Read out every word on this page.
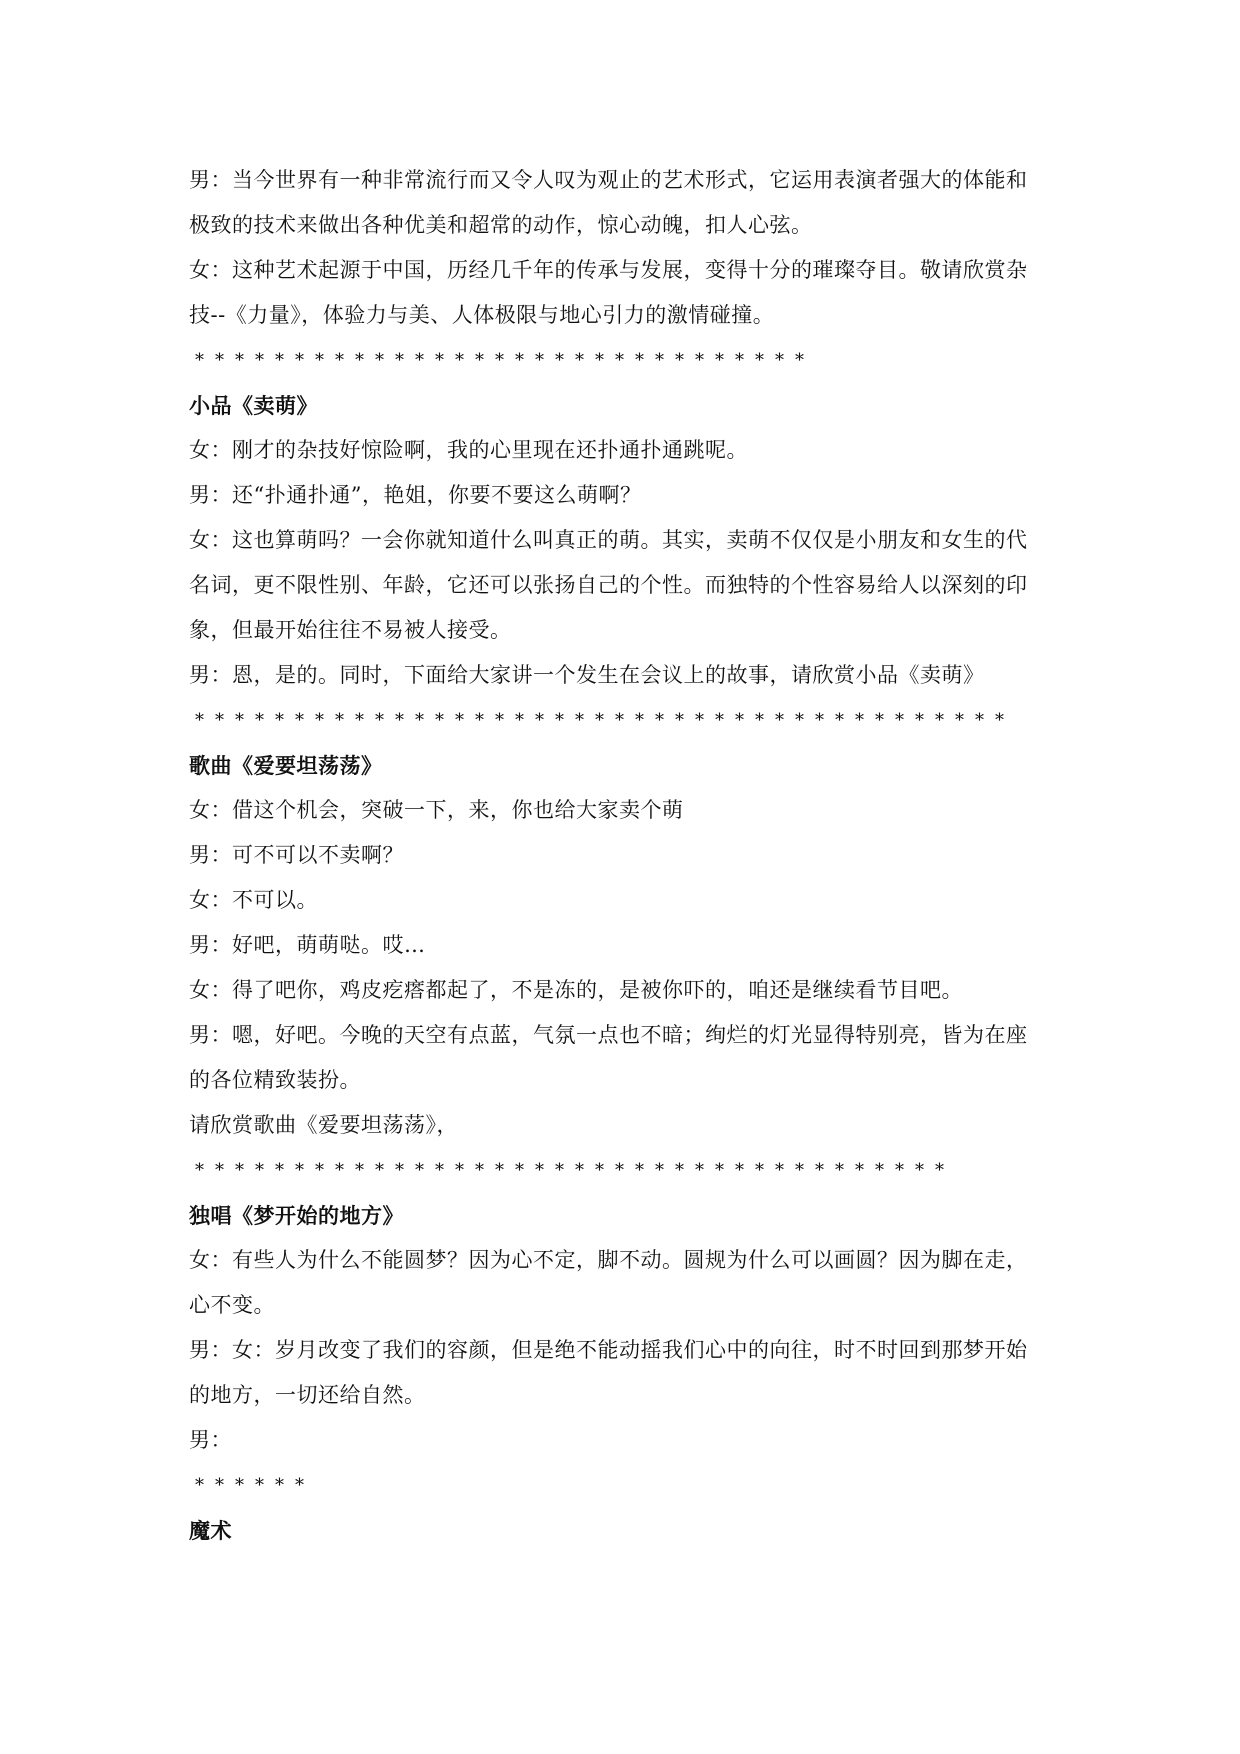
男：当今世界有一种非常流行而又令人叹为观止的艺术形式，它运用表演者强大的体能和
极致的技术来做出各种优美和超常的动作，惊心动魄，扣人心弦。
女：这种艺术起源于中国，历经几千年的传承与发展，变得十分的璀璨夺目。敬请欣赏杂
技--《力量》，体验力与美、人体极限与地心引力的激情碰撞。
*******************************
小品《卖萌》
女：刚才的杂技好惊险啊，我的心里现在还扑通扑通跳呢。
男：还“扑通扑通”，艳姐，你要不要这么萌啊？
女：这也算萌吗？一会你就知道什么叫真正的萌。其实，卖萌不仅仅是小朋友和女生的代
名词，更不限性别、年龄，它还可以张扬自己的个性。而独特的个性容易给人以深刻的印
象，但最开始往往不易被人接受。
男：恩，是的。同时，下面给大家讲一个发生在会议上的故事，请欣赏小品《卖萌》
*****************************************
歌曲《爱要坦荡荡》
女：借这个机会，突破一下，来，你也给大家卖个萌
男：可不可以不卖啊？
女：不可以。
男：好吧，萌萌哒。哎…
女：得了吧你，鸡皮疙瘩都起了，不是冻的，是被你吓的，咱还是继续看节目吧。
男：嗯，好吧。今晚的天空有点蓝，气氛一点也不暗；绚烂的灯光显得特别亮，皆为在座
的各位精致装扮。
请欣赏歌曲《爱要坦荡荡》，
**************************************
独唱《梦开始的地方》
女：有些人为什么不能圆梦？因为心不定，脚不动。圆规为什么可以画圆？因为脚在走，
心不变。
男：女：岁月改变了我们的容颜，但是绝不能动摇我们心中的向往，时不时回到那梦开始
的地方，一切还给自然。
男：
******
魔术
